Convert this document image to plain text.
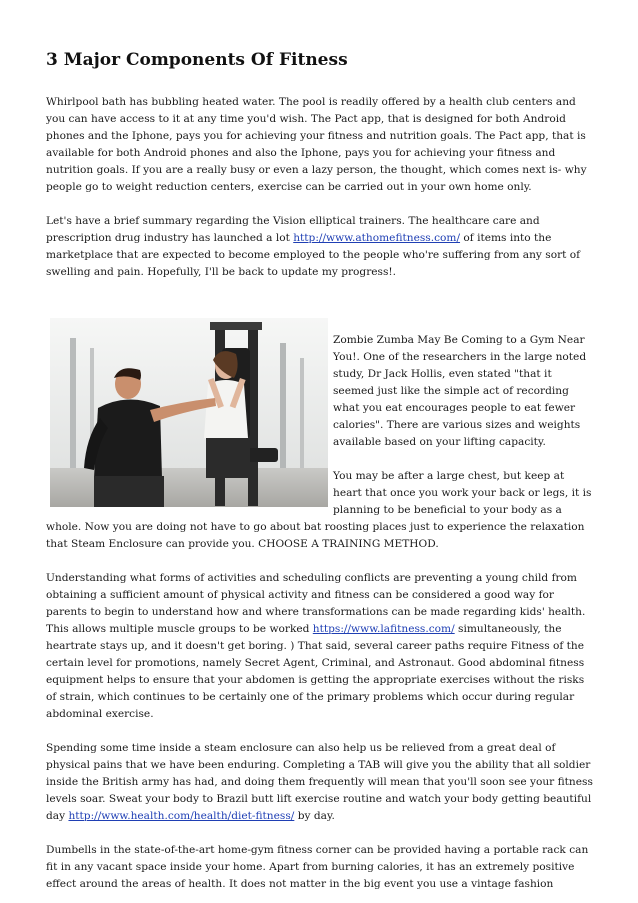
3 Major Components Of Fitness

Whirlpool bath has bubbling heated water. The pool is readily offered by a health club centers and you can have access to it at any time you'd wish. The Pact app, that is designed for both Android phones and the Iphone, pays you for achieving your fitness and nutrition goals. The Pact app, that is available for both Android phones and also the Iphone, pays you for achieving your fitness and nutrition goals. If you are a really busy or even a lazy person, the thought, which comes next is- why people go to weight reduction centers, exercise can be carried out in your own home only.

Let's have a brief summary regarding the Vision elliptical trainers. The healthcare care and prescription drug industry has launched a lot http://www.athomefitness.com/ of items into the marketplace that are expected to become employed to the people who're suffering from any sort of swelling and pain. Hopefully, I'll be back to update my progress!.

Zombie Zumba May Be Coming to a Gym Near You!. One of the researchers in the large noted study, Dr Jack Hollis, even stated "that it seemed just like the simple act of recording what you eat encourages people to eat fewer calories". There are various sizes and weights available based on your lifting capacity.

You may be after a large chest, but keep at heart that once you work your back or legs, it is planning to be beneficial to your body as a whole. Now you are doing not have to go about bat roosting places just to experience the relaxation that Steam Enclosure can provide you. CHOOSE A TRAINING METHOD.

Understanding what forms of activities and scheduling conflicts are preventing a young child from obtaining a sufficient amount of physical activity and fitness can be considered a good way for parents to begin to understand how and where transformations can be made regarding kids' health. This allows multiple muscle groups to be worked https://www.lafitness.com/ simultaneously, the heartrate stays up, and it doesn't get boring. ) That said, several career paths require Fitness of the certain level for promotions, namely Secret Agent, Criminal, and Astronaut. Good abdominal fitness equipment helps to ensure that your abdomen is getting the appropriate exercises without the risks of strain, which continues to be certainly one of the primary problems which occur during regular abdominal exercise.

Spending some time inside a steam enclosure can also help us be relieved from a great deal of physical pains that we have been enduring. Completing a TAB will give you the ability that all soldier inside the British army has had, and doing them frequently will mean that you'll soon see your fitness levels soar. Sweat your body to Brazil butt lift exercise routine and watch your body getting beautiful day http://www.health.com/health/diet-fitness/ by day.

Dumbells in the state-of-the-art home-gym fitness corner can be provided having a portable rack can fit in any vacant space inside your home. Apart from burning calories, it has an extremely positive effect around the areas of health. It does not matter in the big event you use a vintage fashion
